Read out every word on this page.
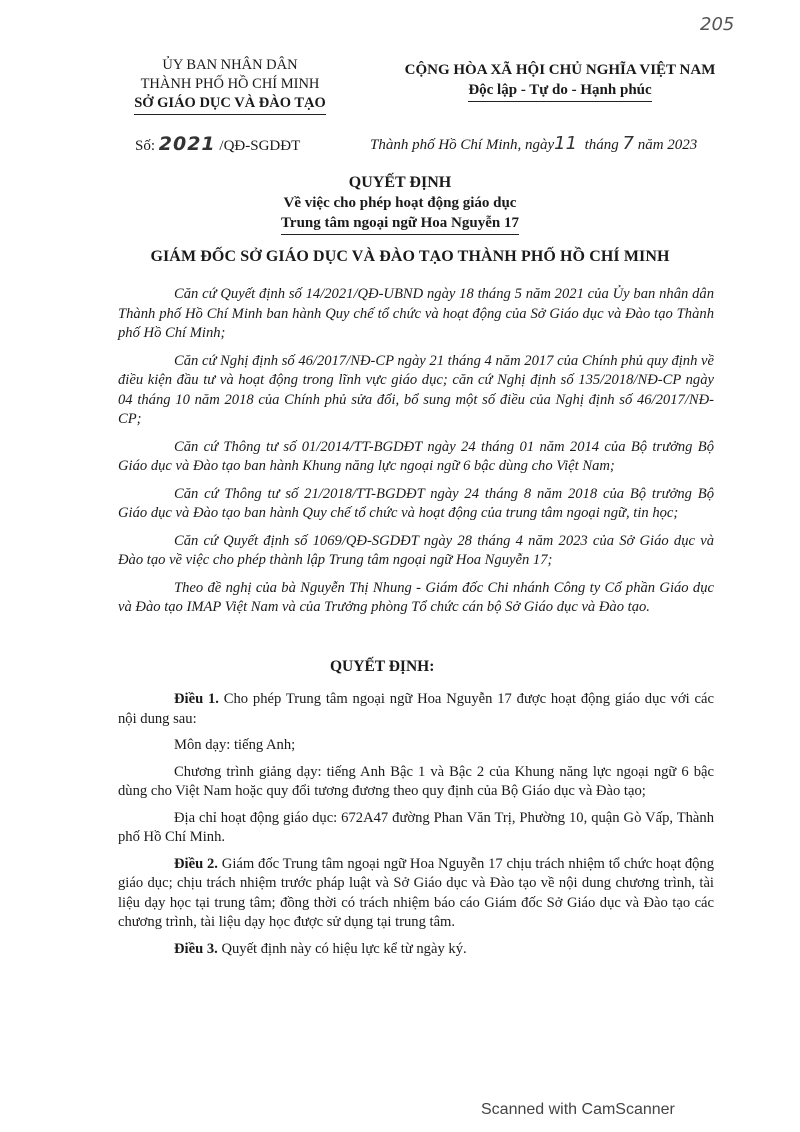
205
ỦY BAN NHÂN DÂN
THÀNH PHỐ HỒ CHÍ MINH
SỞ GIÁO DỤC VÀ ĐÀO TẠO
CỘNG HÒA XÃ HỘI CHỦ NGHĨA VIỆT NAM
Độc lập - Tự do - Hạnh phúc
Số: 2021 /QĐ-SGDĐT	Thành phố Hồ Chí Minh, ngày11 tháng 7 năm 2023
QUYẾT ĐỊNH
Về việc cho phép hoạt động giáo dục
Trung tâm ngoại ngữ Hoa Nguyễn 17
GIÁM ĐỐC SỞ GIÁO DỤC VÀ ĐÀO TẠO THÀNH PHỐ HỒ CHÍ MINH

Căn cứ Quyết định số 14/2021/QĐ-UBND ngày 18 tháng 5 năm 2021 của Ủy ban nhân dân Thành phố Hồ Chí Minh ban hành Quy chế tổ chức và hoạt động của Sở Giáo dục và Đào tạo Thành phố Hồ Chí Minh;

Căn cứ Nghị định số 46/2017/NĐ-CP ngày 21 tháng 4 năm 2017 của Chính phủ quy định về điều kiện đầu tư và hoạt động trong lĩnh vực giáo dục; căn cứ Nghị định số 135/2018/NĐ-CP ngày 04 tháng 10 năm 2018 của Chính phủ sửa đổi, bổ sung một số điều của Nghị định số 46/2017/NĐ-CP;

Căn cứ Thông tư số 01/2014/TT-BGDĐT ngày 24 tháng 01 năm 2014 của Bộ trưởng Bộ Giáo dục và Đào tạo ban hành Khung năng lực ngoại ngữ 6 bậc dùng cho Việt Nam;

Căn cứ Thông tư số 21/2018/TT-BGDĐT ngày 24 tháng 8 năm 2018 của Bộ trưởng Bộ Giáo dục và Đào tạo ban hành Quy chế tổ chức và hoạt động của trung tâm ngoại ngữ, tin học;

Căn cứ Quyết định số 1069/QĐ-SGDĐT ngày 28 tháng 4 năm 2023 của Sở Giáo dục và Đào tạo về việc cho phép thành lập Trung tâm ngoại ngữ Hoa Nguyễn 17;

Theo đề nghị của bà Nguyễn Thị Nhung - Giám đốc Chi nhánh Công ty Cổ phần Giáo dục và Đào tạo IMAP Việt Nam và của Trưởng phòng Tổ chức cán bộ Sở Giáo dục và Đào tạo.

QUYẾT ĐỊNH:

Điều 1. Cho phép Trung tâm ngoại ngữ Hoa Nguyễn 17 được hoạt động giáo dục với các nội dung sau:

Môn dạy: tiếng Anh;

Chương trình giảng dạy: tiếng Anh Bậc 1 và Bậc 2 của Khung năng lực ngoại ngữ 6 bậc dùng cho Việt Nam hoặc quy đổi tương đương theo quy định của Bộ Giáo dục và Đào tạo;

Địa chỉ hoạt động giáo dục: 672A47 đường Phan Văn Trị, Phường 10, quận Gò Vấp, Thành phố Hồ Chí Minh.

Điều 2. Giám đốc Trung tâm ngoại ngữ Hoa Nguyễn 17 chịu trách nhiệm tổ chức hoạt động giáo dục; chịu trách nhiệm trước pháp luật và Sở Giáo dục và Đào tạo về nội dung chương trình, tài liệu dạy học tại trung tâm; đồng thời có trách nhiệm báo cáo Giám đốc Sở Giáo dục và Đào tạo các chương trình, tài liệu dạy học được sử dụng tại trung tâm.

Điều 3. Quyết định này có hiệu lực kể từ ngày ký.

Scanned with CamScanner
